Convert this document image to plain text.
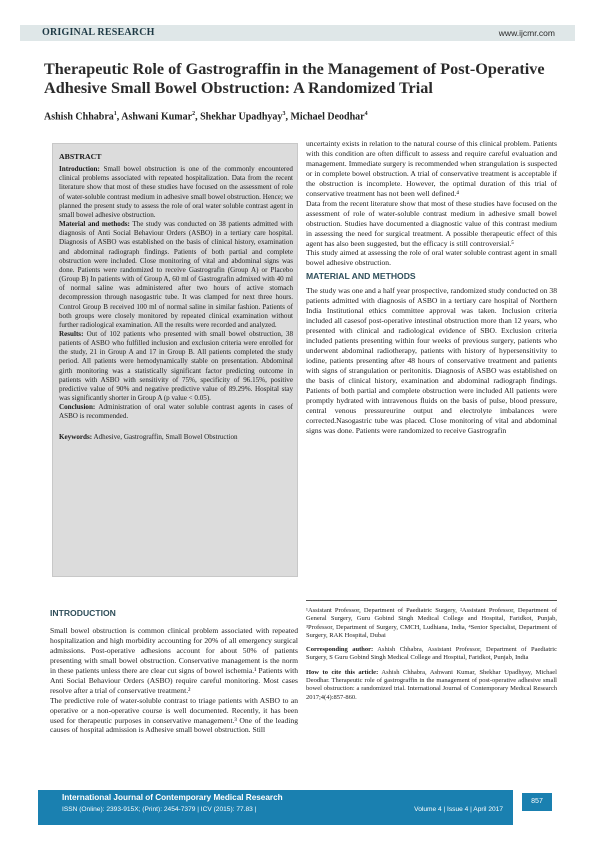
ORIGINAL RESEARCH	www.ijcmr.com
Therapeutic Role of Gastrograffin in the Management of Post-Operative Adhesive Small Bowel Obstruction: A Randomized Trial
Ashish Chhabra$^1$, Ashwani Kumar$^2$, Shekhar Upadhyay$^3$, Michael Deodhar$^4$
ABSTRACT

Introduction: Small bowel obstruction is one of the commonly encountered clinical problems associated with repeated hospitalization. Data from the recent literature show that most of these studies have focused on the assessment of role of water-soluble contrast medium in adhesive small bowel obstruction. Hence; we planned the present study to assess the role of oral water soluble contrast agent in small bowel adhesive obstruction.

Material and methods: The study was conducted on 38 patients admitted with diagnosis of Anti Social Behaviour Orders (ASBO) in a tertiary care hospital. Diagnosis of ASBO was established on the basis of clinical history, examination and abdominal radiograph findings. Patients of both partial and complete obstruction were included. Close monitoring of vital and abdominal signs was done. Patients were randomized to receive Gastrografin (Group A) or Placebo (Group B) In patients with of Group A, 60 ml of Gastrografin admixed with 40 ml of normal saline was administered after two hours of active stomach decompression through nasogastric tube. It was clamped for next three hours. Control Group B received 100 ml of normal saline in similar fashion. Patients of both groups were closely monitored by repeated clinical examination without further radiological examination. All the results were recorded and analyzed.

Results: Out of 102 patients who presented with small bowel obstruction, 38 patients of ASBO who fulfilled inclusion and exclusion criteria were enrolled for the study, 21 in Group A and 17 in Group B. All patients completed the study period. All patients were hemodynamically stable on presentation. Abdominal girth monitoring was a statistically significant factor predicting outcome in patients with ASBO with sensitivity of 75%, specificity of 96.15%, positive predictive value of 90% and negative predictive value of 89.29%. Hospital stay was significantly shorter in Group A (p value < 0.05).

Conclusion: Administration of oral water soluble contrast agents in cases of ASBO is recommended.

Keywords: Adhesive, Gastrograffin, Small Bowel Obstruction

INTRODUCTION

Small bowel obstruction is common clinical problem associated with repeated hospitalization and high morbidity accounting for 20% of all emergency surgical admissions. Post-operative adhesions account for about 50% of patients presenting with small bowel obstruction. Conservative management is the norm in these patients unless there are clear cut signs of bowel ischemia.¹ Patients with Anti Social Behaviour Orders (ASBO) require careful monitoring. Most cases resolve after a trial of conservative treatment.²

The predictive role of water-soluble contrast to triage patients with ASBO to an operative or a non-operative course is well documented. Recently, it has been used for therapeutic purposes in conservative management.³ One of the leading causes of hospital admission is Adhesive small bowel obstruction. Still

uncertainty exists in relation to the natural course of this clinical problem. Patients with this condition are often difficult to assess and require careful evaluation and management. Immediate surgery is recommended when strangulation is suspected or in complete bowel obstruction. A trial of conservative treatment is acceptable if the obstruction is incomplete. However, the optimal duration of this trial of conservative treatment has not been well defined.⁴

Data from the recent literature show that most of these studies have focused on the assessment of role of water-soluble contrast medium in adhesive small bowel obstruction. Studies have documented a diagnostic value of this contrast medium in assessing the need for surgical treatment. A possible therapeutic effect of this agent has also been suggested, but the efficacy is still controversial.⁵

This study aimed at assessing the role of oral water soluble contrast agent in small bowel adhesive obstruction.

MATERIAL AND METHODS

The study was one and a half year prospective, randomized study conducted on 38 patients admitted with diagnosis of ASBO in a tertiary care hospital of Northern India Institutional ethics committee approval was taken. Inclusion criteria included all casesof post-operative intestinal obstruction more than 12 years, who presented with clinical and radiological evidence of SBO. Exclusion criteria included patients presenting within four weeks of previous surgery, patients who underwent abdominal radiotherapy, patients with history of hypersensitivity to iodine, patients presenting after 48 hours of conservative treatment and patients with signs of strangulation or peritonitis. Diagnosis of ASBO was established on the basis of clinical history, examination and abdominal radiograph findings. Patients of both partial and complete obstruction were included All patients were promptly hydrated with intravenous fluids on the basis of pulse, blood pressure, central venous pressureurine output and electrolyte imbalances were corrected.Nasogastric tube was placed. Close monitoring of vital and abdominal signs was done. Patients were randomized to receive Gastrografin

¹Assistant Professor, Department of Paediatric Surgery, ²Assistant Professor, Department of General Surgery, Guru Gobind Singh Medical College and Hospital, Faridkot, Punjab, ³Professor, Department of Surgery, CMCH, Ludhiana, India, ⁴Senior Specialist, Department of Surgery, RAK Hospital, Dubai

Corresponding author: Ashish Chhabra, Assistant Professor, Department of Paediatric Surgery, S Guru Gobind Singh Medical College and Hospital, Faridkot, Punjab, India

How to cite this article: Ashish Chhabra, Ashwani Kumar, Shekhar Upadhyay, Michael Deodhar. Therapeutic role of gastrograffin in the management of post-operative adhesive small bowel obstruction: a randomized trial. International Journal of Contemporary Medical Research 2017;4(4):857-860.

International Journal of Contemporary Medical Research
ISSN (Online): 2393-915X; (Print): 2454-7379 | ICV (2015): 77.83 |	Volume 4 | Issue 4 | April 2017
857
